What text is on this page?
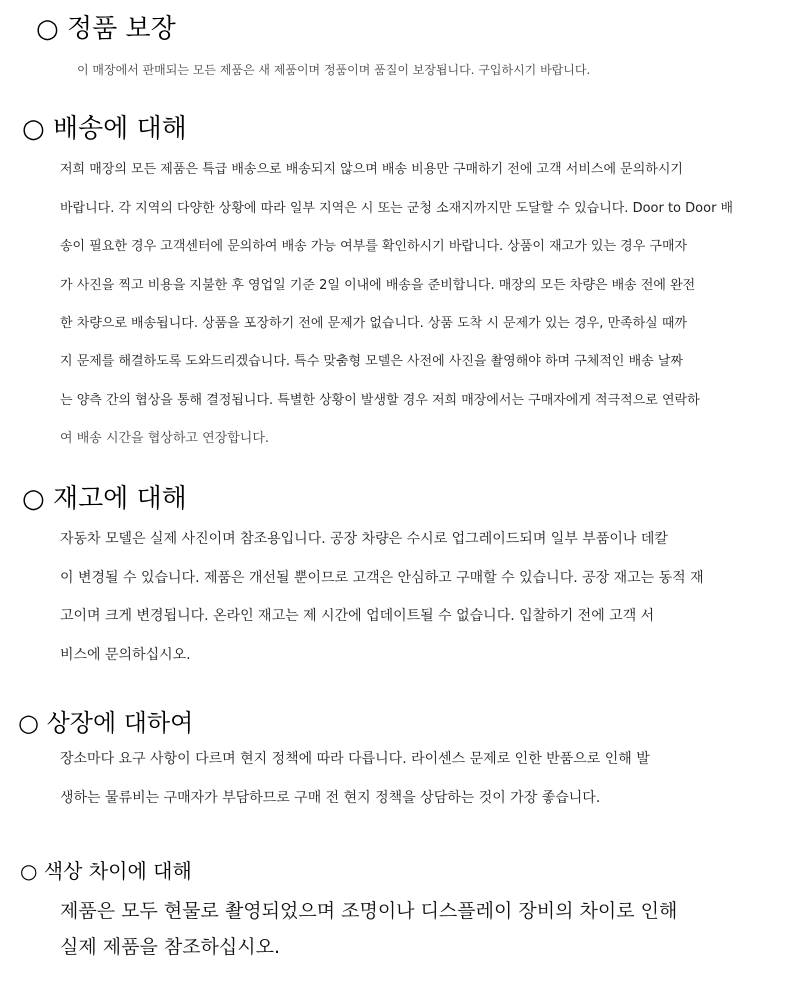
○ 정품 보장
이 매장에서 판매되는 모든 제품은 새 제품이며 정품이며 품질이 보장됩니다. 구입하시기 바랍니다.
○ 배송에 대해
저희 매장의 모든 제품은 특급 배송으로 배송되지 않으며 배송 비용만 구매하기 전에 고객 서비스에 문의하시기
바랍니다. 각 지역의 다양한 상황에 따라 일부 지역은 시 또는 군청 소재지까지만 도달할 수 있습니다. Door to Door 배
송이 필요한 경우 고객센터에 문의하여 배송 가능 여부를 확인하시기 바랍니다. 상품이 재고가 있는 경우 구매자
가 사진을 찍고 비용을 지불한 후 영업일 기준 2일 이내에 배송을 준비합니다. 매장의 모든 차량은 배송 전에 완전
한 차량으로 배송됩니다. 상품을 포장하기 전에 문제가 없습니다. 상품 도착 시 문제가 있는 경우, 만족하실 때까
지 문제를 해결하도록 도와드리겠습니다. 특수 맞춤형 모델은 사전에 사진을 촬영해야 하며 구체적인 배송 날짜
는 양측 간의 협상을 통해 결정됩니다. 특별한 상황이 발생할 경우 저희 매장에서는 구매자에게 적극적으로 연락하
여 배송 시간을 협상하고 연장합니다.
○ 재고에 대해
자동차 모델은 실제 사진이며 참조용입니다. 공장 차량은 수시로 업그레이드되며 일부 부품이나 데칼
이 변경될 수 있습니다. 제품은 개선될 뿐이므로 고객은 안심하고 구매할 수 있습니다. 공장 재고는 동적 재
고이며 크게 변경됩니다. 온라인 재고는 제 시간에 업데이트될 수 없습니다. 입찰하기 전에 고객 서
비스에 문의하십시오.
○ 상장에 대하여
장소마다 요구 사항이 다르며 현지 정책에 따라 다릅니다. 라이센스 문제로 인한 반품으로 인해 발
생하는 물류비는 구매자가 부담하므로 구매 전 현지 정책을 상담하는 것이 가장 좋습니다.
○ 색상 차이에 대해
제품은 모두 현물로 촬영되었으며 조명이나 디스플레이 장비의 차이로 인해
실제 제품을 참조하십시오.
